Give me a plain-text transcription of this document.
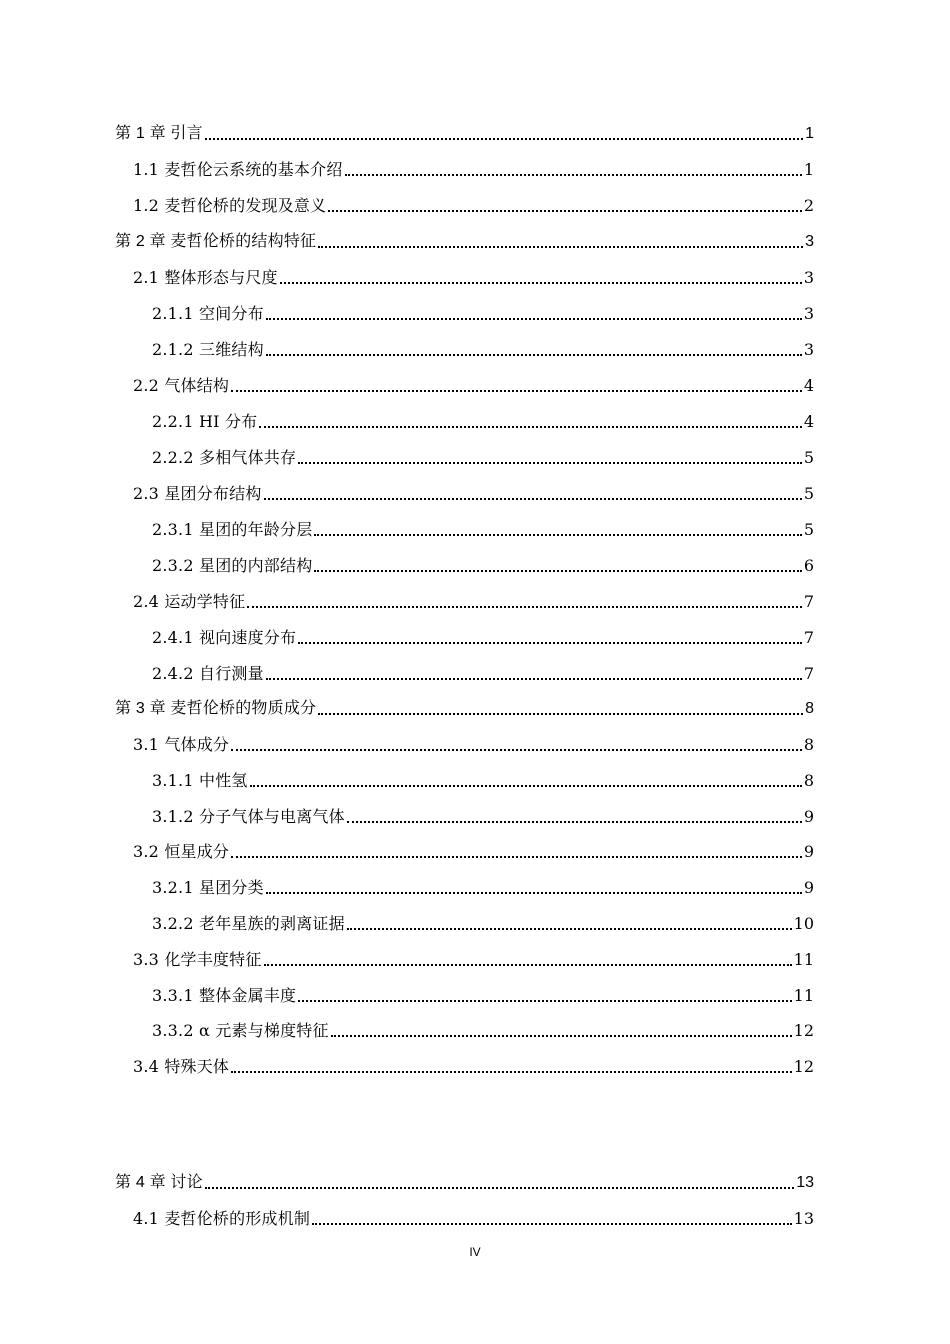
第 1 章 引言	1
1.1 麦哲伦云系统的基本介绍	1
1.2 麦哲伦桥的发现及意义	2
第 2 章 麦哲伦桥的结构特征	3
2.1 整体形态与尺度	3
2.1.1 空间分布	3
2.1.2 三维结构	3
2.2 气体结构	4
2.2.1 HI 分布	4
2.2.2 多相气体共存	5
2.3 星团分布结构	5
2.3.1 星团的年龄分层	5
2.3.2 星团的内部结构	6
2.4 运动学特征	7
2.4.1 视向速度分布	7
2.4.2 自行测量	7
第 3 章 麦哲伦桥的物质成分	8
3.1 气体成分	8
3.1.1 中性氢	8
3.1.2 分子气体与电离气体	9
3.2 恒星成分	9
3.2.1 星团分类	9
3.2.2 老年星族的剥离证据	10
3.3 化学丰度特征	11
3.3.1 整体金属丰度	11
3.3.2 α 元素与梯度特征	12
3.4 特殊天体	12
第 4 章 讨论	13
4.1 麦哲伦桥的形成机制	13
IV
